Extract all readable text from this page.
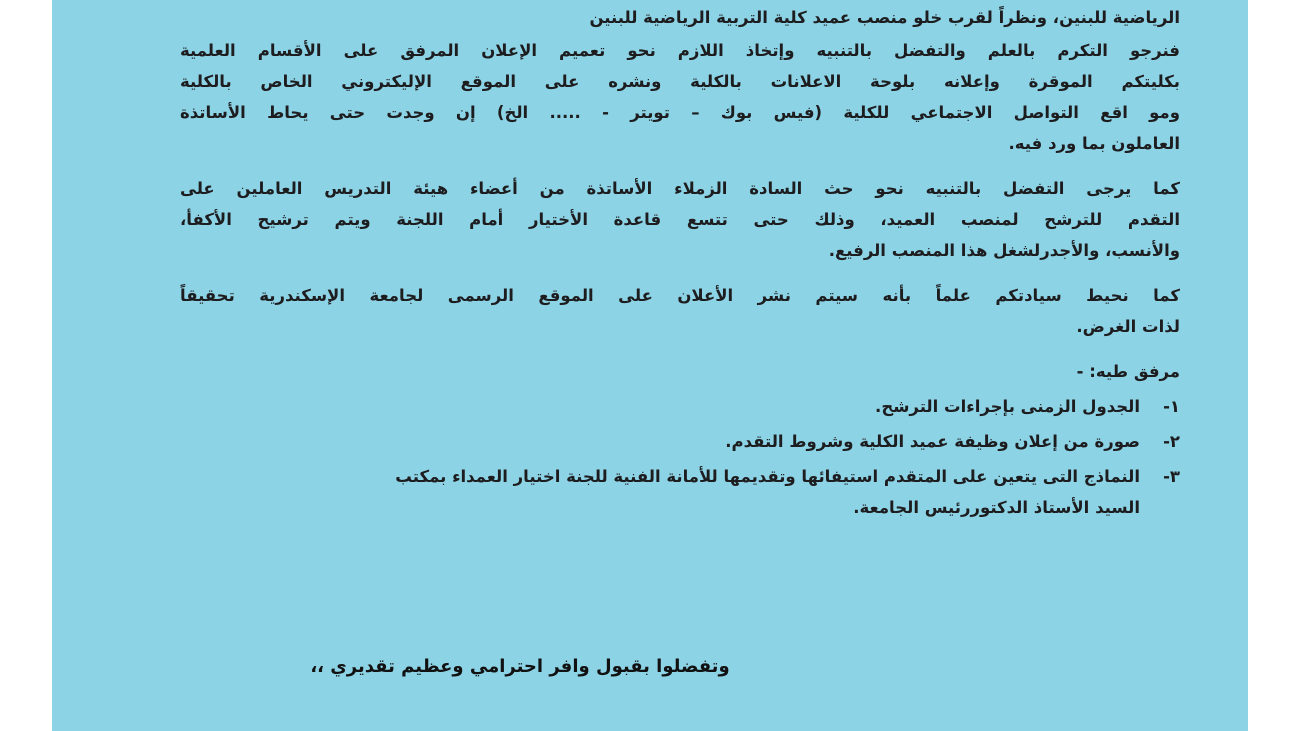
الرياضية للبنين، ونظراً لقرب خلو منصب عميد كلية التربية الرياضية للبنين
فنرجو التكرم بالعلم والتفضل بالتنبيه وإتخاذ اللازم نحو تعميم الإعلان المرفق على الأقسام العلمية
بكليتكم الموقرة وإعلانه بلوحة الاعلانات بالكلية ونشره على الموقع الإليكتروني الخاص بالكلية
ومو اقع التواصل الاجتماعي للكلية (فيس بوك – تويتر - ..... الخ) إن وجدت حتى يحاط الأساتذة
العاملون بما ورد فيه.
كما يرجى التفضل بالتنبيه نحو حث السادة الزملاء الأساتذة من أعضاء هيئة التدريس العاملين على
التقدم للترشح لمنصب العميد، وذلك حتى تتسع قاعدة الأختيار أمام اللجنة ويتم ترشيح الأكفأ،
والأنسب، والأجدرلشغل هذا المنصب الرفيع.
كما نحيط سيادتكم علماً بأنه سيتم نشر الأعلان على الموقع الرسمى لجامعة الإسكندرية تحقيقاً
لذات الغرض.
مرفق طيه: -
١-
الجدول الزمنى بإجراءات الترشح.
٢-
صورة من إعلان وظيفة عميد الكلية وشروط التقدم.
٣-
النماذج التى يتعين على المتقدم استيفائها وتقديمها للأمانة الفنية للجنة اختيار العمداء بمكتب
السيد الأستاذ الدكتوررئيس الجامعة.
وتفضلوا بقبول وافر احترامي وعظيم تقديري ،،
